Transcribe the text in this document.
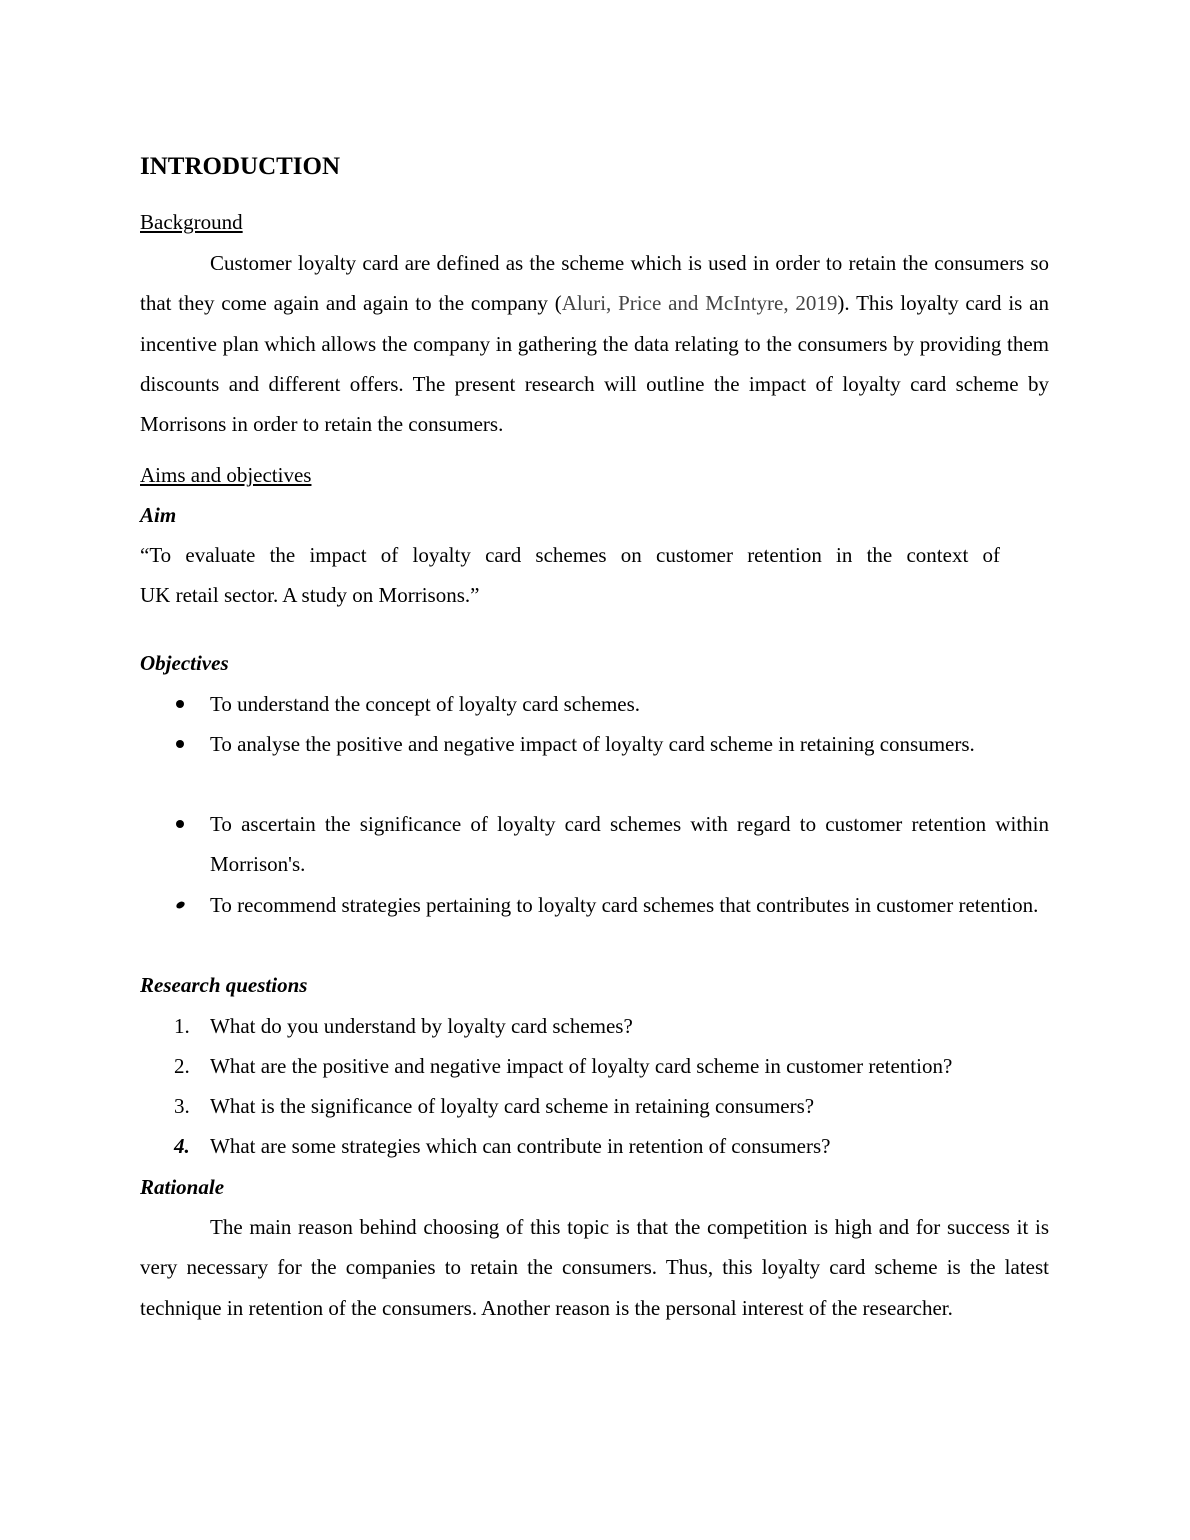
INTRODUCTION
Background

Customer loyalty card are defined as the scheme which is used in order to retain the consumers so that they come again and again to the company (Aluri, Price and McIntyre, 2019). This loyalty card is an incentive plan which allows the company in gathering the data relating to the consumers by providing them discounts and different offers. The present research will outline the impact of loyalty card scheme by Morrisons in order to retain the consumers.

Aims and objectives
Aim

“To evaluate the impact of loyalty card schemes on customer retention in the context of
UK retail sector. A study on Morrisons.”

Objectives
To understand the concept of loyalty card schemes.
To analyse the positive and negative impact of loyalty card scheme in retaining consumers.
To ascertain the significance of loyalty card schemes with regard to customer retention within Morrison's.
To recommend strategies pertaining to loyalty card schemes that contributes in customer retention.
Research questions
1. What do you understand by loyalty card schemes?
2. What are the positive and negative impact of loyalty card scheme in customer retention?
3. What is the significance of loyalty card scheme in retaining consumers?
4. What are some strategies which can contribute in retention of consumers?
Rationale

The main reason behind choosing of this topic is that the competition is high and for success it is very necessary for the companies to retain the consumers. Thus, this loyalty card scheme is the latest technique in retention of the consumers. Another reason is the personal interest of the researcher.
